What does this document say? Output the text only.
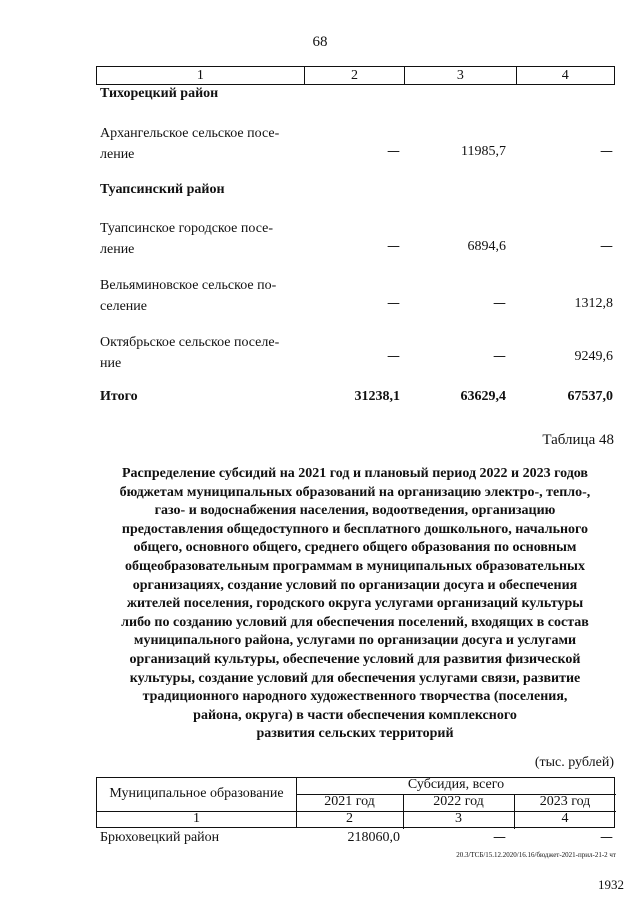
68
1	2	3	4
Тихорецкий район
Архангельское сельское посе-
ление	—	11985,7	—
Туапсинский район
Туапсинское городское посе-
ление	—	6894,6	—
Вельяминовское сельское по-
селение	—	—	1312,8
Октябрьское сельское поселе-
ние	—	—	9249,6
Итого	31238,1	63629,4	67537,0
Таблица 48
Распределение субсидий на 2021 год и плановый период 2022 и 2023 годов
бюджетам муниципальных образований на организацию электро-, тепло-,
газо- и водоснабжения населения, водоотведения, организацию
предоставления общедоступного и бесплатного дошкольного, начального
общего, основного общего, среднего общего образования по основным
общеобразовательным программам в муниципальных образовательных
организациях, создание условий по организации досуга и обеспечения
жителей поселения, городского округа услугами организаций культуры
либо по созданию условий для обеспечения поселений, входящих в состав
муниципального района, услугами по организации досуга и услугами
организаций культуры, обеспечение условий для развития физической
культуры, создание условий для обеспечения услугами связи, развитие
традиционного народного художественного творчества (поселения,
района, округа) в части обеспечения комплексного
развития сельских территорий
(тыс. рублей)
Муниципальное образование
Субсидия, всего
2021 год	2022 год	2023 год
1	2	3	4
Брюховецкий район	218060,0	—	—
20.3/ТСБ/15.12.2020/16.16/бюджет-2021-прил-21-2 чт
1932
